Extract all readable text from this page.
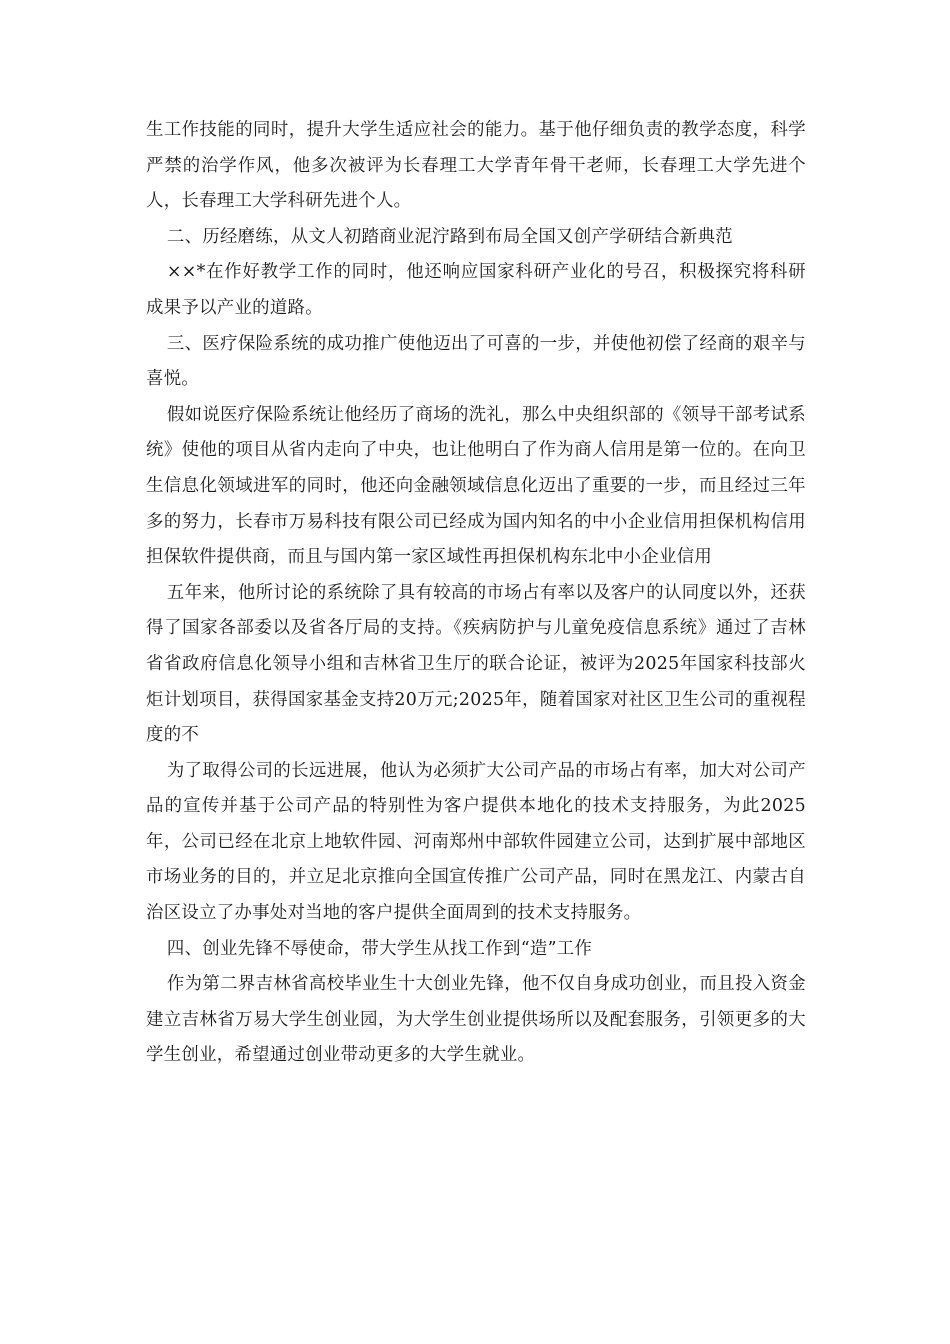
生工作技能的同时，提升大学生适应社会的能力。基于他仔细负责的教学态度，科学严禁的治学作风，他多次被评为长春理工大学青年骨干老师，长春理工大学先进个人，长春理工大学科研先进个人。

二、历经磨练，从文人初踏商业泥泞路到布局全国又创产学研结合新典范

××*在作好教学工作的同时，他还响应国家科研产业化的号召，积极探究将科研成果予以产业的道路。

三、医疗保险系统的成功推广使他迈出了可喜的一步，并使他初偿了经商的艰辛与喜悦。

假如说医疗保险系统让他经历了商场的洗礼，那么中央组织部的《领导干部考试系统》使他的项目从省内走向了中央，也让他明白了作为商人信用是第一位的。在向卫生信息化领域进军的同时，他还向金融领域信息化迈出了重要的一步，而且经过三年多的努力，长春市万易科技有限公司已经成为国内知名的中小企业信用担保机构信用担保软件提供商，而且与国内第一家区域性再担保机构东北中小企业信用

五年来，他所讨论的系统除了具有较高的市场占有率以及客户的认同度以外，还获得了国家各部委以及省各厅局的支持。《疾病防护与儿童免疫信息系统》通过了吉林省省政府信息化领导小组和吉林省卫生厅的联合论证，被评为2025年国家科技部火炬计划项目，获得国家基金支持20万元;2025年，随着国家对社区卫生公司的重视程度的不

为了取得公司的长远进展，他认为必须扩大公司产品的市场占有率，加大对公司产品的宣传并基于公司产品的特别性为客户提供本地化的技术支持服务，为此2025年，公司已经在北京上地软件园、河南郑州中部软件园建立公司，达到扩展中部地区市场业务的目的，并立足北京推向全国宣传推广公司产品，同时在黑龙江、内蒙古自治区设立了办事处对当地的客户提供全面周到的技术支持服务。

四、创业先锋不辱使命，带大学生从找工作到“造”工作

作为第二界吉林省高校毕业生十大创业先锋，他不仅自身成功创业，而且投入资金建立吉林省万易大学生创业园，为大学生创业提供场所以及配套服务，引领更多的大学生创业，希望通过创业带动更多的大学生就业。
